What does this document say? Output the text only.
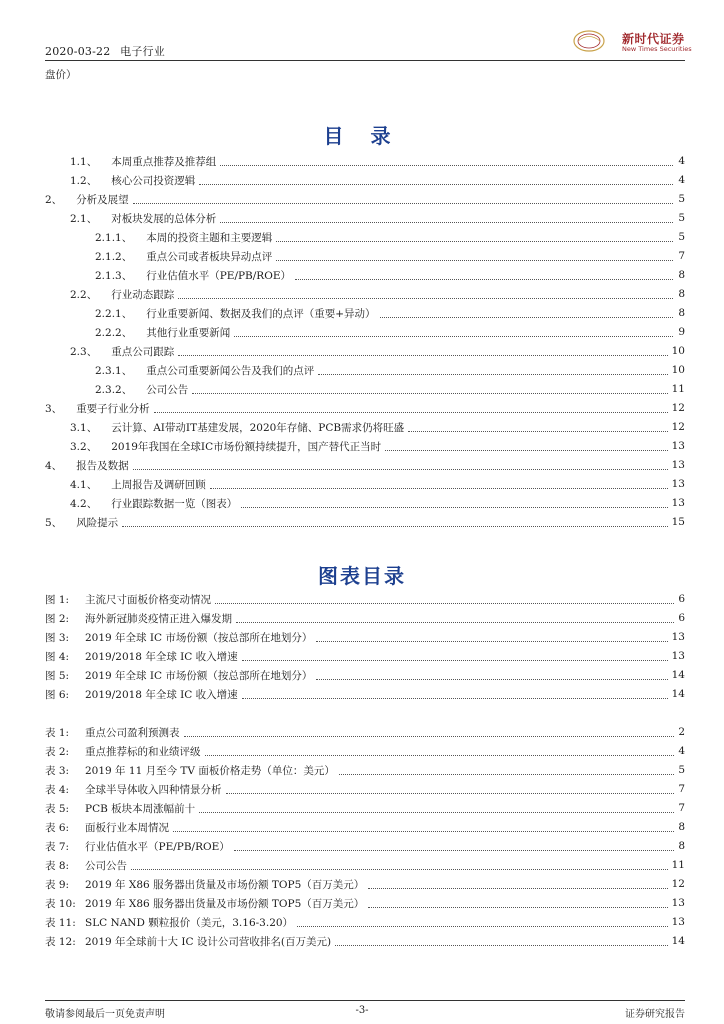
2020-03-22 电子行业
新时代证券
New Times Securities
盘价）
目 录
1.1、 本周重点推荐及推荐组	4
1.2、 核心公司投资逻辑	4
2、 分析及展望	5
2.1、 对板块发展的总体分析	5
2.1.1、 本周的投资主题和主要逻辑	5
2.1.2、 重点公司或者板块异动点评	7
2.1.3、 行业估值水平（PE/PB/ROE）	8
2.2、 行业动态跟踪	8
2.2.1、 行业重要新闻、数据及我们的点评（重要+异动）	8
2.2.2、 其他行业重要新闻	9
2.3、 重点公司跟踪	10
2.3.1、 重点公司重要新闻公告及我们的点评	10
2.3.2、 公司公告	11
3、 重要子行业分析	12
3.1、 云计算、AI带动IT基建发展，2020年存储、PCB需求仍将旺盛	12
3.2、 2019年我国在全球IC市场份额持续提升，国产替代正当时	13
4、 报告及数据	13
4.1、 上周报告及调研回顾	13
4.2、 行业跟踪数据一览（图表）	13
5、 风险提示	15
图表目录
图 1:	主流尺寸面板价格变动情况	6
图 2:	海外新冠肺炎疫情正进入爆发期	6
图 3:	2019 年全球 IC 市场份额（按总部所在地划分）	13
图 4:	2019/2018 年全球 IC 收入增速	13
图 5:	2019 年全球 IC 市场份额（按总部所在地划分）	14
图 6:	2019/2018 年全球 IC 收入增速	14
表 1:	重点公司盈利预测表	2
表 2:	重点推荐标的和业绩评级	4
表 3:	2019 年 11 月至今 TV 面板价格走势（单位：美元）	5
表 4:	全球半导体收入四种情景分析	7
表 5:	PCB 板块本周涨幅前十	7
表 6:	面板行业本周情况	8
表 7:	行业估值水平（PE/PB/ROE）	8
表 8:	公司公告	11
表 9:	2019 年 X86 服务器出货量及市场份额 TOP5（百万美元）	12
表 10: 2019 年 X86 服务器出货量及市场份额 TOP5（百万美元）	13
表 11: SLC NAND 颗粒报价（美元，3.16-3.20）	13
表 12: 2019 年全球前十大 IC 设计公司营收排名(百万美元)	14
敬请参阅最后一页免责声明	-3-	证券研究报告
